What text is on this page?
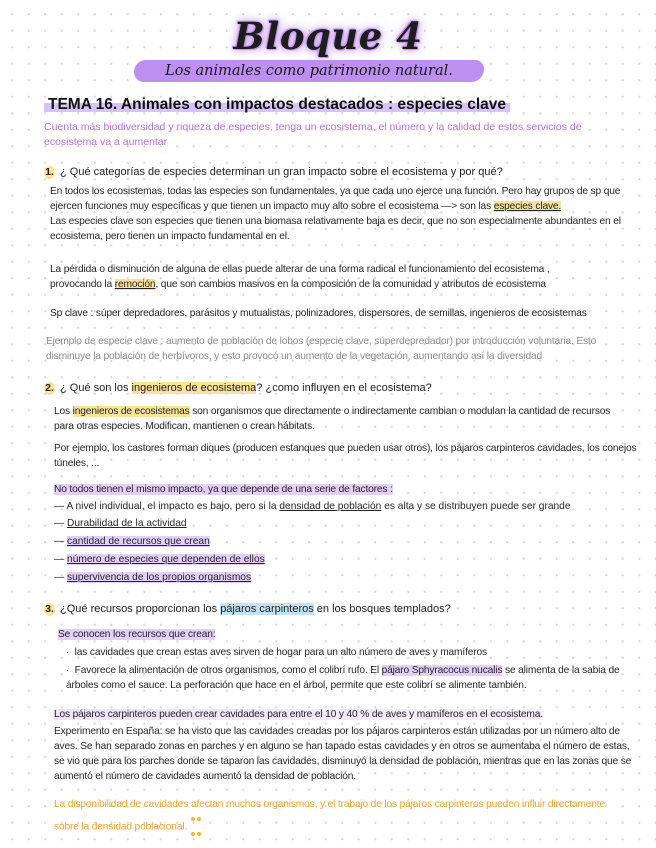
Bloque 4
Los animales como patrimonio natural.
TEMA 16. Animales con impactos destacados : especies clave
Cuenta más biodiversidad y riqueza de especies, tenga un ecosistema, el número y la calidad de estos servicios de ecosistema va a aumentar
1. ¿ Qué categorías de especies determinan un gran impacto sobre el ecosistema y por qué?
En todos los ecosistemas, todas las especies son fundamentales, ya que cada uno ejerce una función. Pero hay grupos de sp que ejercen funciones muy específicas y que tienen un impacto muy alto sobre el ecosistema —> son las especies clave.
Las especies clave son especies que tienen una biomasa relativamente baja es decir, que no son especialmente abundantes en el ecosistema, pero tienen un impacto fundamental en el.
La pérdida o disminución de alguna de ellas puede alterar de una forma radical el funcionamiento del ecosistema ,
provocando la remoción, que son cambios masivos en la composición de la comunidad y atributos de ecosistema
Sp clave : súper depredadores, parásitos y mutualistas, polinizadores, dispersores, de semillas, ingenieros de ecosistemas
Ejemplo de especie clave : aumento de población de lobos (especie clave, súperdepredador) por introducción voluntaria. Esto disminuye la población de herbívoros, y esto provocó un aumento de la vegetación, aumentando así la diversidad
2. ¿ Qué son los ingenieros de ecosistema? ¿como influyen en el ecosistema?
Los ingenieros de ecosistemas son organismos que directamente o indirectamente cambian o modulan la cantidad de recursos para otras especies. Modifican, mantienen o crean hábitats.
Por ejemplo, los castores forman diques (producen estanques que pueden usar otros), los pájaros carpinteros cavidades, los conejos túneles, ...
No todos tienen el mismo impacto, ya que depende de una serie de factores :
— A nivel individual, el impacto es bajo, pero si la densidad de población es alta y se distribuyen puede ser grande
— Durabilidad de la actividad
— cantidad de recursos que crean
— número de especies que dependen de ellos
— supervivencia de los propios organismos
3. ¿Qué recursos proporcionan los pájaros carpinteros en los bosques templados?
Se conocen los recursos que crean:
· las cavidades que crean estas aves sirven de hogar para un alto número de aves y mamíferos
· Favorece la alimentación de otros organismos, como el colibrí rufo. El pájaro Sphyracocus nucalis se alimenta de la sabia de árboles como el sauce. La perforación que hace en el árbol, permite que este colibrí se alimente también.
Los pájaros carpinteros pueden crear cavidades para entre el 10 y 40 % de aves y mamíferos en el ecosistema.
Experimento en España: se ha visto que las cavidades creadas por los pájaros carpinteros están utilizadas por un número alto de aves. Se han separado zonas en parches y en alguno se han tapado estas cavidades y en otros se aumentaba el número de estas, se vio que para los parches donde se taparon las cavidades, disminuyó la densidad de población, mientras que en las zonas que se aumentó el número de cavidades aumentó la densidad de población.
La disponibilidad de cavidades afectan muchos organismos, y el trabajo de los pájaros carpinteros pueden influir directamente sobre la densidad poblacional.
